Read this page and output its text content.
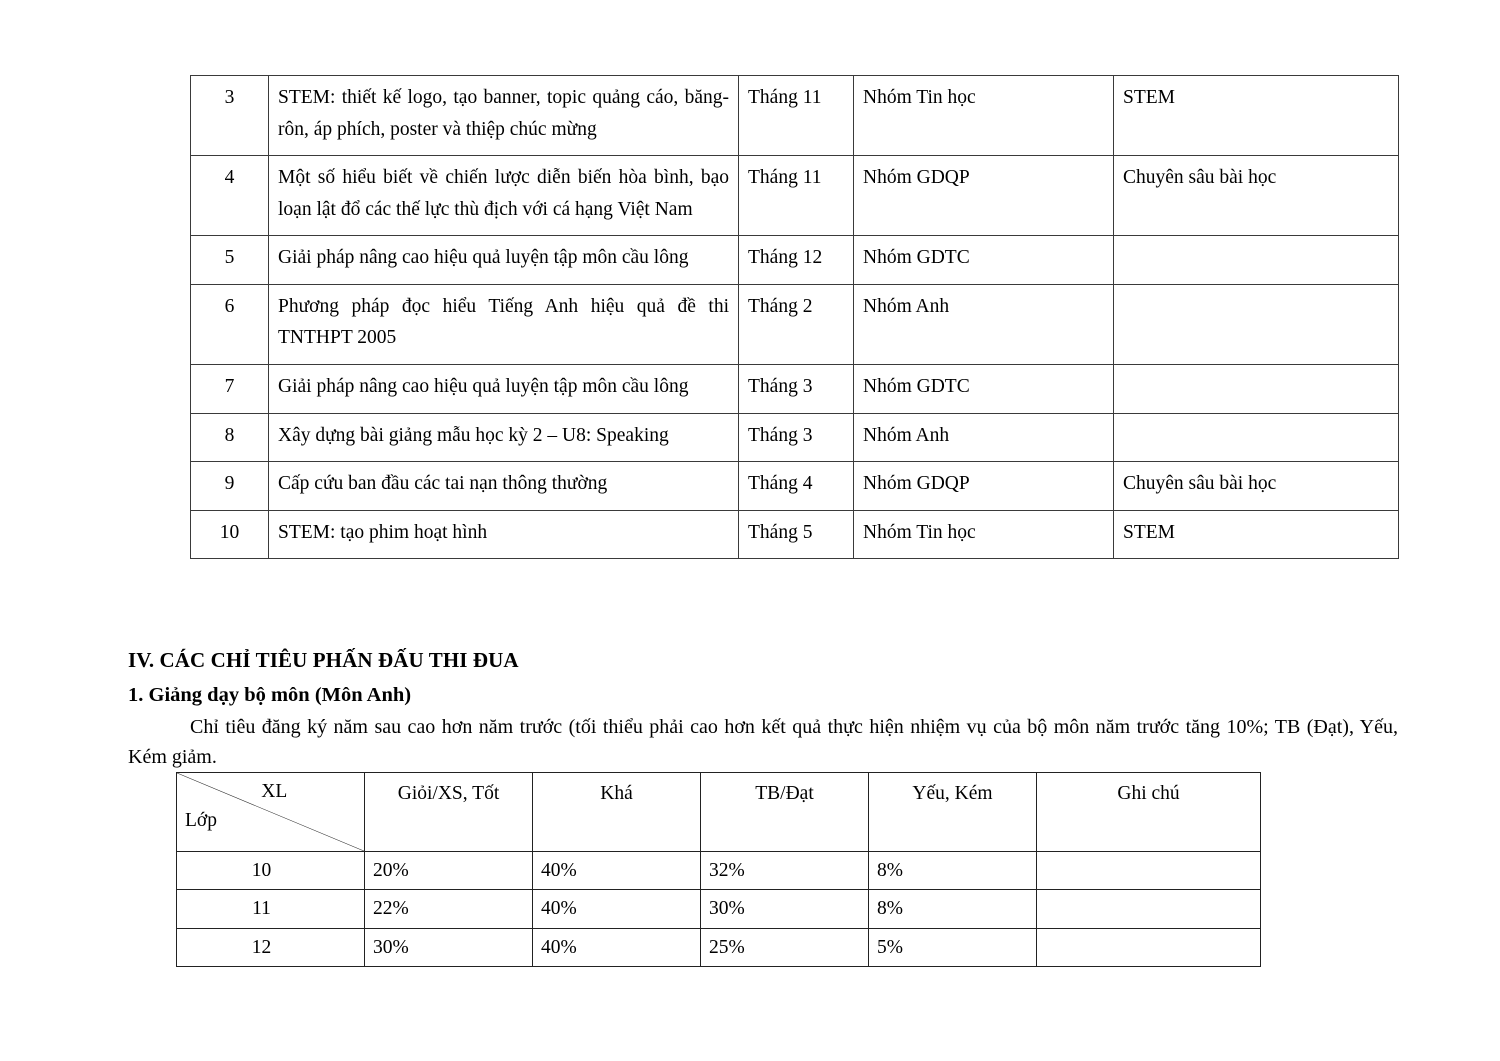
3	STEM: thiết kế logo, tạo banner, topic quảng cáo, băng-rôn, áp phích, poster và thiệp chúc mừng	Tháng 11	Nhóm Tin học	STEM
4	Một số hiểu biết về chiến lược diễn biến hòa bình, bạo loạn lật đổ các thế lực thù địch với cá hạng Việt Nam	Tháng 11	Nhóm GDQP	Chuyên sâu bài học
5	Giải pháp nâng cao hiệu quả luyện tập môn cầu lông	Tháng 12	Nhóm GDTC	
6	Phương pháp đọc hiểu Tiếng Anh hiệu quả đề thi TNTHPT 2005	Tháng 2	Nhóm Anh	
7	Giải pháp nâng cao hiệu quả luyện tập môn cầu lông	Tháng 3	Nhóm GDTC	
8	Xây dựng bài giảng mẫu học kỳ 2 – U8: Speaking	Tháng 3	Nhóm Anh	
9	Cấp cứu ban đầu các tai nạn thông thường	Tháng 4	Nhóm GDQP	Chuyên sâu bài học
10	STEM: tạo phim hoạt hình	Tháng 5	Nhóm Tin học	STEM

IV. CÁC CHỈ TIÊU PHẤN ĐẤU THI ĐUA

1. Giảng dạy bộ môn (Môn Anh)

Chỉ tiêu đăng ký năm sau cao hơn năm trước (tối thiểu phải cao hơn kết quả thực hiện nhiệm vụ của bộ môn năm trước tăng 10%; TB (Đạt), Yếu, Kém giảm.

XL
Lớp	Giỏi/XS, Tốt	Khá	TB/Đạt	Yếu, Kém	Ghi chú
10	20%	40%	32%	8%	
11	22%	40%	30%	8%	
12	30%	40%	25%	5%	
